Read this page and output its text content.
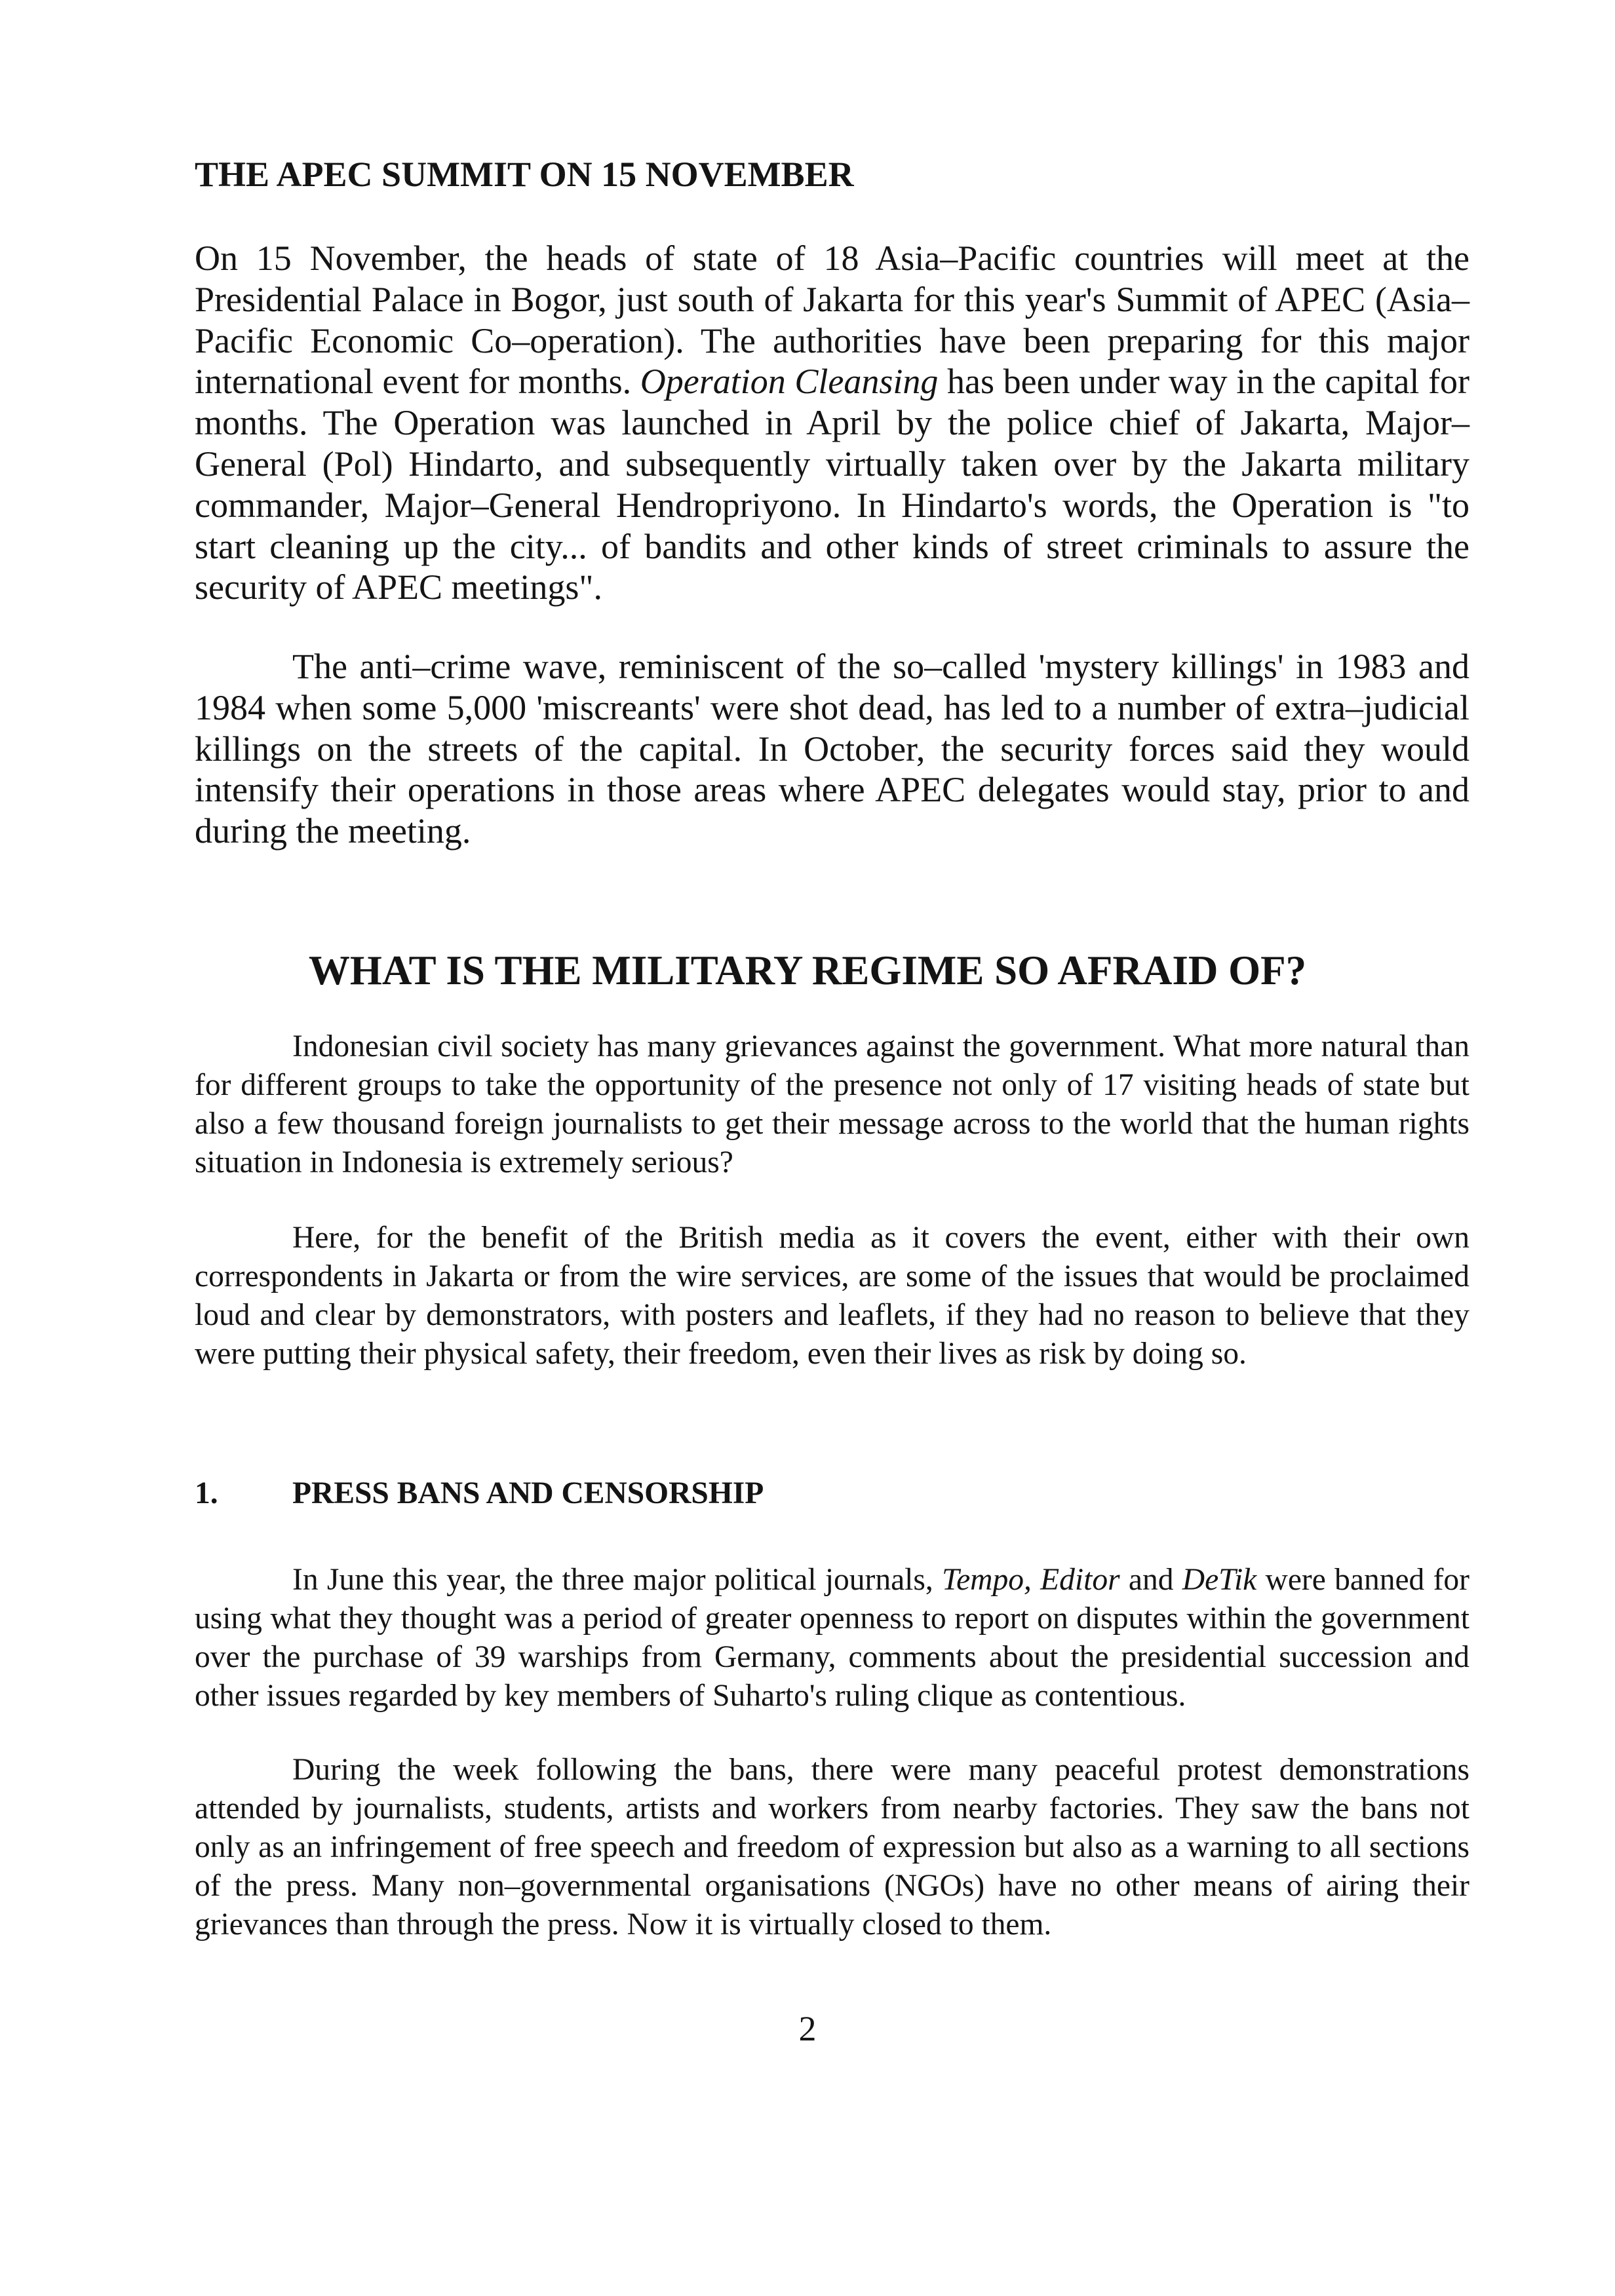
THE APEC SUMMIT ON 15 NOVEMBER

On 15 November, the heads of state of 18 Asia–Pacific countries will meet at the Presidential Palace in Bogor, just south of Jakarta for this year's Summit of APEC (Asia–Pacific Economic Co–operation). The authorities have been preparing for this major international event for months. Operation Cleansing has been under way in the capital for months. The Operation was launched in April by the police chief of Jakarta, Major–General (Pol) Hindarto, and subsequently virtually taken over by the Jakarta military commander, Major–General Hendropriyono. In Hindarto's words, the Operation is "to start cleaning up the city... of bandits and other kinds of street criminals to assure the security of APEC meetings".

The anti–crime wave, reminiscent of the so–called 'mystery killings' in 1983 and 1984 when some 5,000 'miscreants' were shot dead, has led to a number of extra–judicial killings on the streets of the capital. In October, the security forces said they would intensify their operations in those areas where APEC delegates would stay, prior to and during the meeting.

WHAT IS THE MILITARY REGIME SO AFRAID OF?

Indonesian civil society has many grievances against the government. What more natural than for different groups to take the opportunity of the presence not only of 17 visiting heads of state but also a few thousand foreign journalists to get their message across to the world that the human rights situation in Indonesia is extremely serious?

Here, for the benefit of the British media as it covers the event, either with their own correspondents in Jakarta or from the wire services, are some of the issues that would be proclaimed loud and clear by demonstrators, with posters and leaflets, if they had no reason to believe that they were putting their physical safety, their freedom, even their lives as risk by doing so.

1. PRESS BANS AND CENSORSHIP

In June this year, the three major political journals, Tempo, Editor and DeTik were banned for using what they thought was a period of greater openness to report on disputes within the government over the purchase of 39 warships from Germany, comments about the presidential succession and other issues regarded by key members of Suharto's ruling clique as contentious.

During the week following the bans, there were many peaceful protest demonstrations attended by journalists, students, artists and workers from nearby factories. They saw the bans not only as an infringement of free speech and freedom of expression but also as a warning to all sections of the press. Many non–governmental organisations (NGOs) have no other means of airing their grievances than through the press. Now it is virtually closed to them.

2
